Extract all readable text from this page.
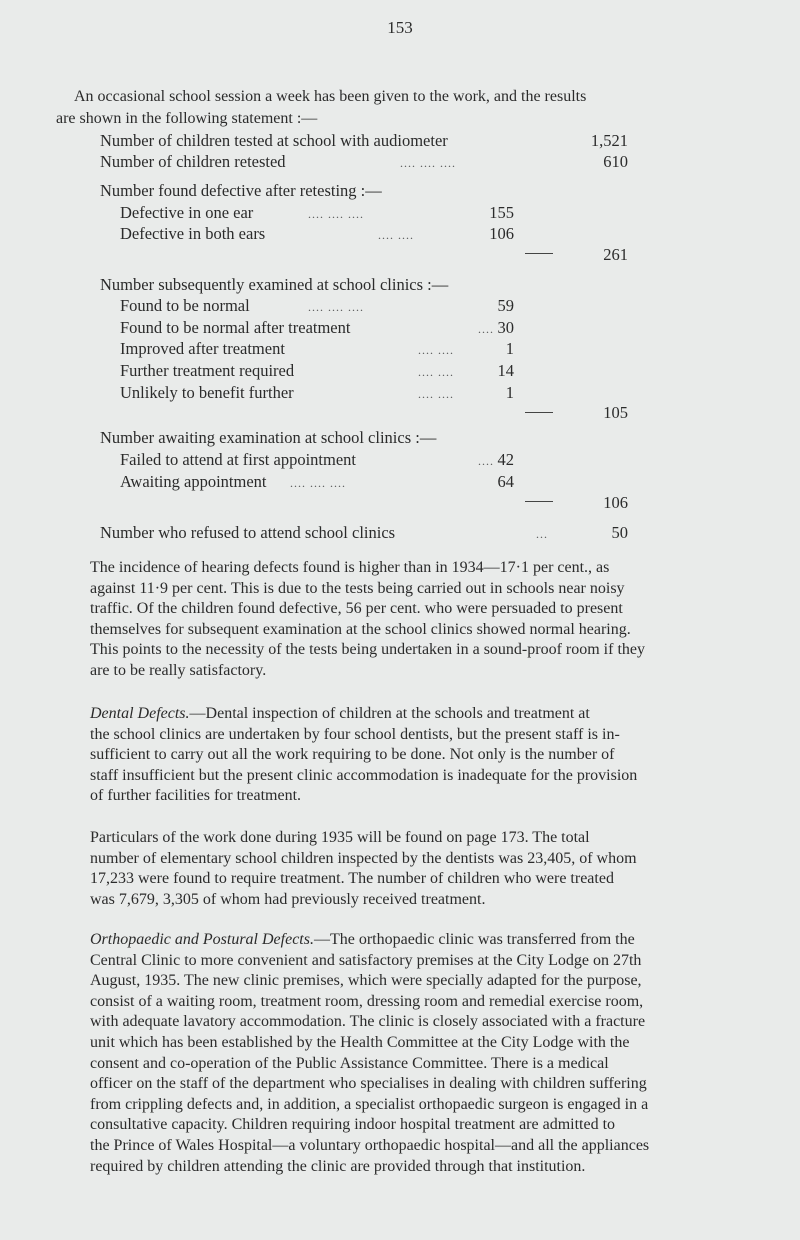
153
An occasional school session a week has been given to the work, and the results
are shown in the following statement :—
Number of children tested at school with audiometer	1,521
Number of children retested	.... .... ....	610
Number found defective after retesting :—
Defective in one ear	.... .... ....	155
Defective in both ears	.... ....	106
261
Number subsequently examined at school clinics :—
Found to be normal	.... .... ....	59
Found to be normal after treatment	.... 30
Improved after treatment	.... ....	1
Further treatment required	.... ....	14
Unlikely to benefit further	.... ....	1
105
Number awaiting examination at school clinics :—
Failed to attend at first appointment	.... 42
Awaiting appointment .... .... ....	64
106
Number who refused to attend school clinics	...	50

The incidence of hearing defects found is higher than in 1934—17·1 per cent., as

against 11·9 per cent. This is due to the tests being carried out in schools near noisy

traffic. Of the children found defective, 56 per cent. who were persuaded to present

themselves for subsequent examination at the school clinics showed normal hearing.

This points to the necessity of the tests being undertaken in a sound-proof room if they

are to be really satisfactory.

Dental Defects.—Dental inspection of children at the schools and treatment at

the school clinics are undertaken by four school dentists, but the present staff is in-

sufficient to carry out all the work requiring to be done. Not only is the number of

staff insufficient but the present clinic accommodation is inadequate for the provision

of further facilities for treatment.

Particulars of the work done during 1935 will be found on page 173. The total

number of elementary school children inspected by the dentists was 23,405, of whom

17,233 were found to require treatment. The number of children who were treated

was 7,679, 3,305 of whom had previously received treatment.

Orthopaedic and Postural Defects.—The orthopaedic clinic was transferred from the

Central Clinic to more convenient and satisfactory premises at the City Lodge on 27th

August, 1935. The new clinic premises, which were specially adapted for the purpose,

consist of a waiting room, treatment room, dressing room and remedial exercise room,

with adequate lavatory accommodation. The clinic is closely associated with a fracture

unit which has been established by the Health Committee at the City Lodge with the

consent and co-operation of the Public Assistance Committee. There is a medical

officer on the staff of the department who specialises in dealing with children suffering

from crippling defects and, in addition, a specialist orthopaedic surgeon is engaged in a

consultative capacity. Children requiring indoor hospital treatment are admitted to

the Prince of Wales Hospital—a voluntary orthopaedic hospital—and all the appliances

required by children attending the clinic are provided through that institution.
